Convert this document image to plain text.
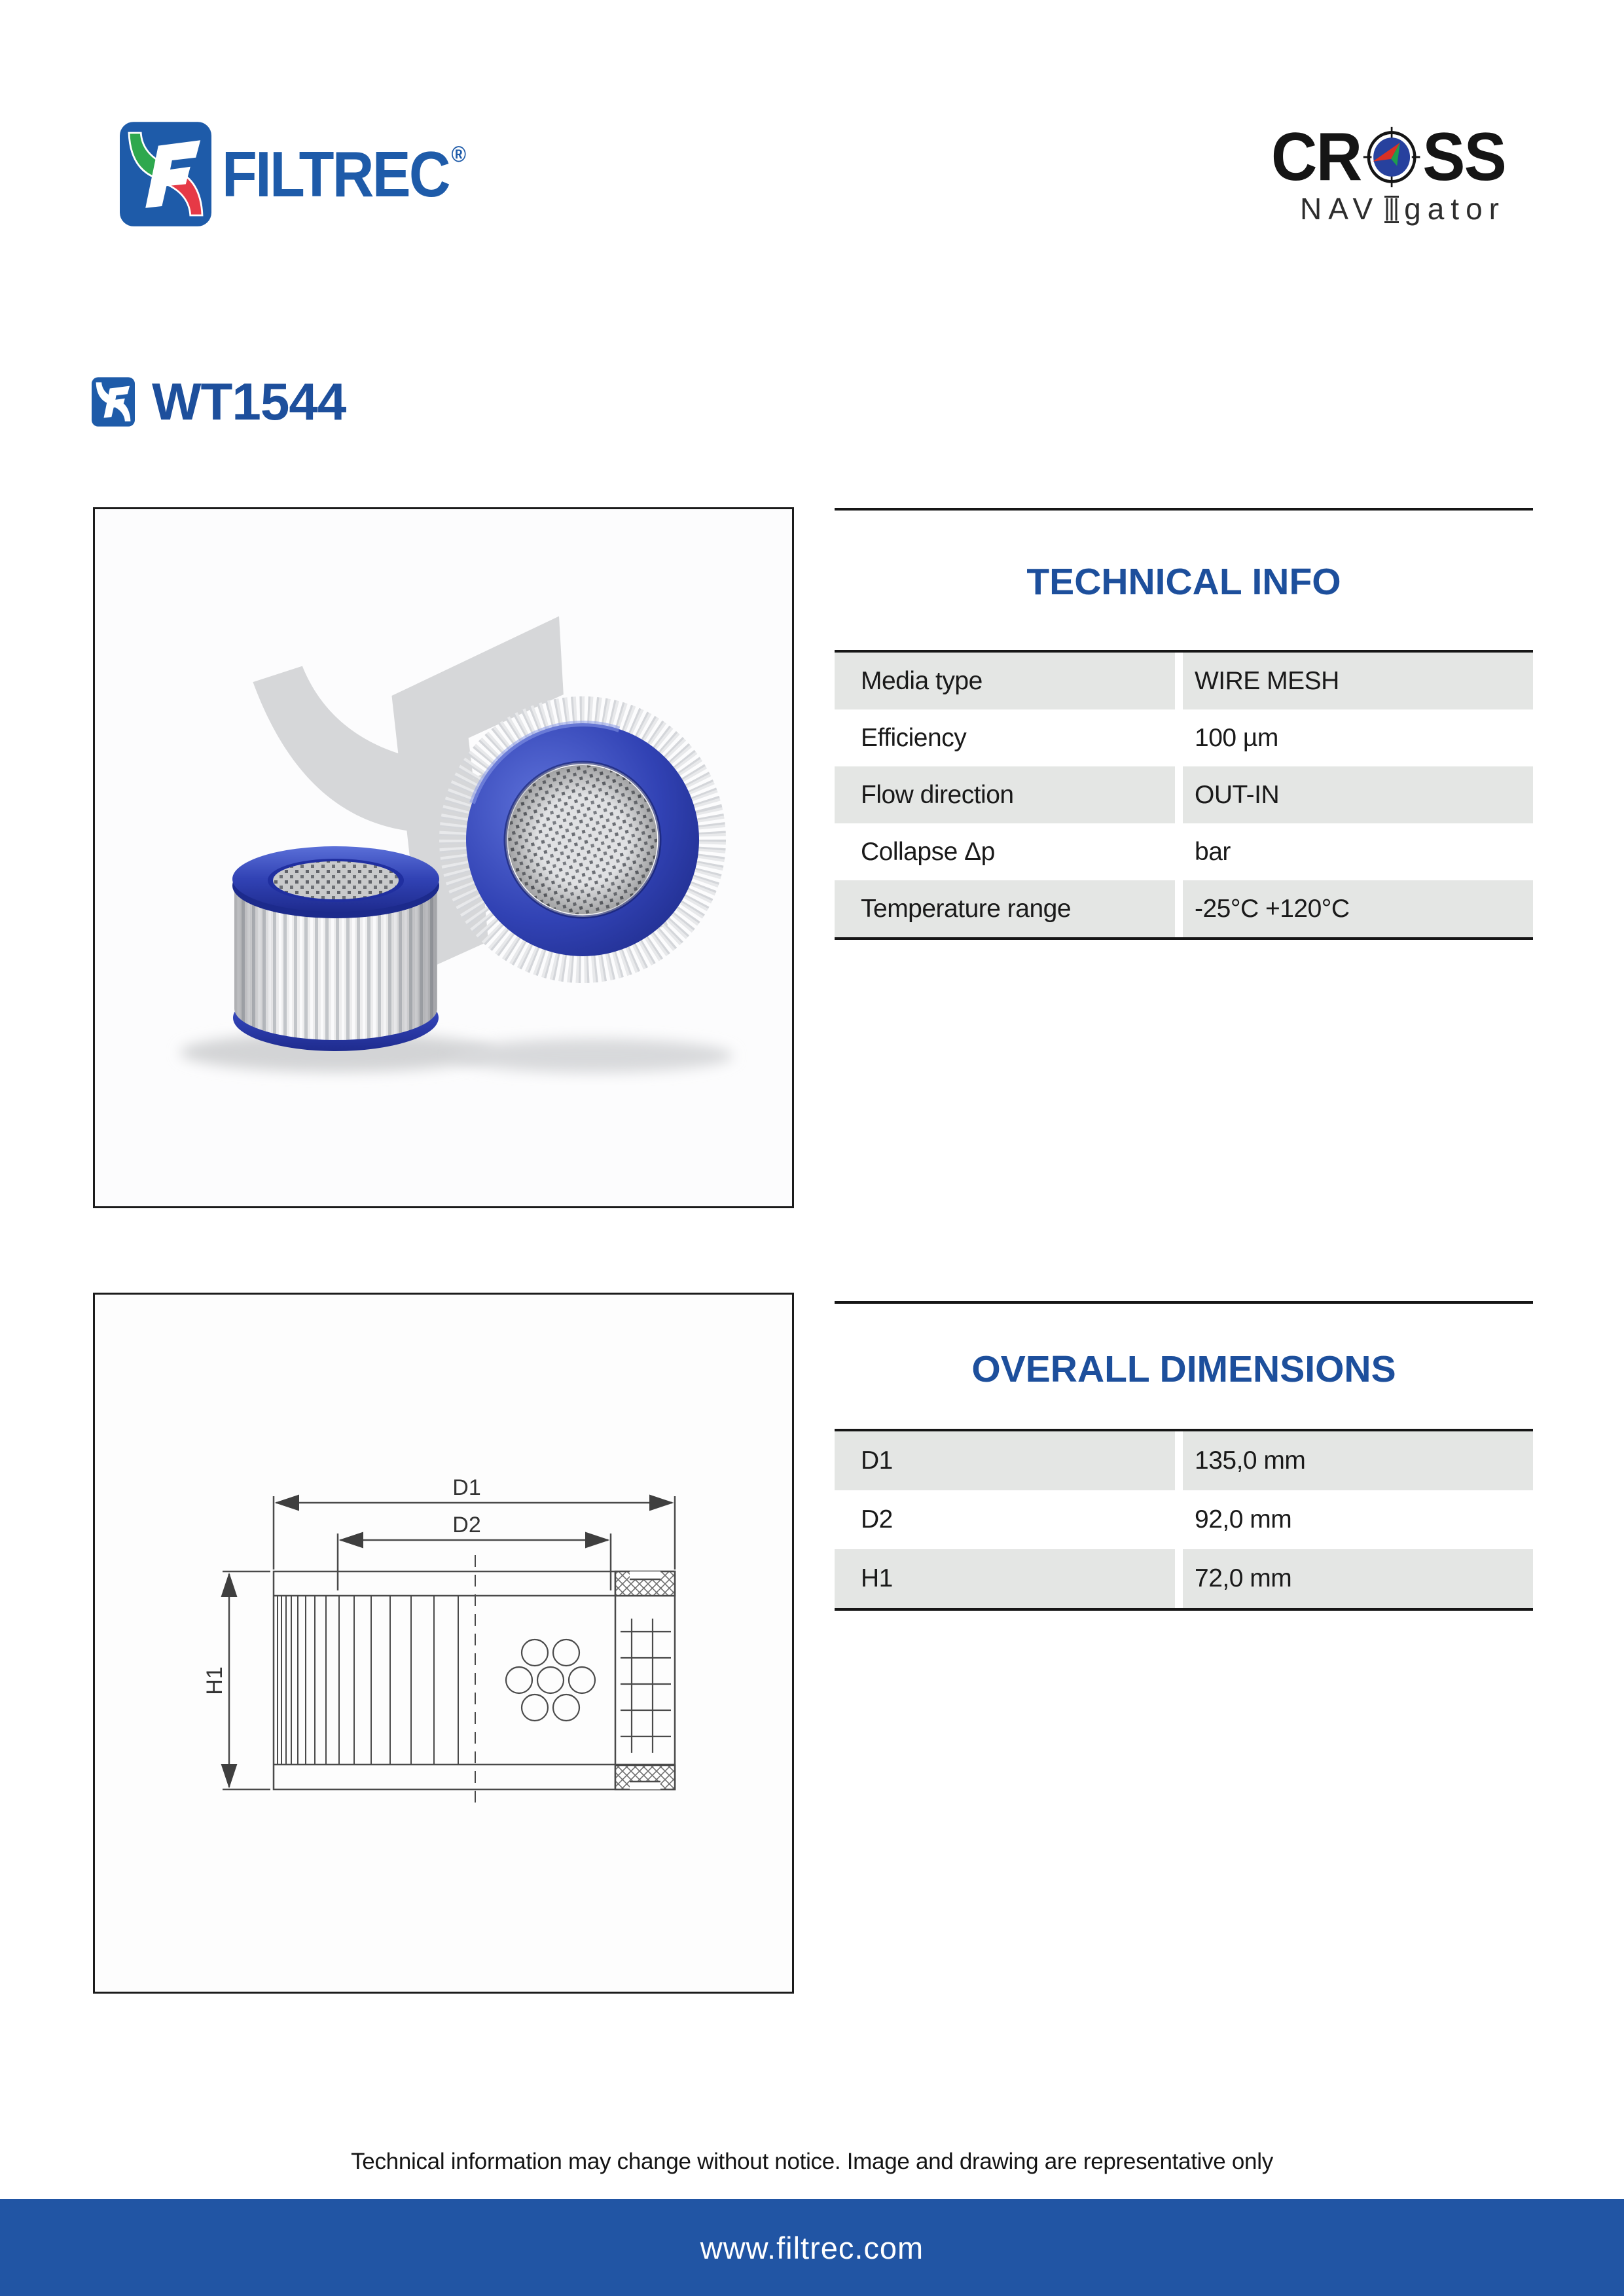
FILTREC®	CR SS
NAV gator
WT1544
TECHNICAL INFO
Media type	WIRE MESH
Efficiency	100 µm
Flow direction	OUT-IN
Collapse Δp	bar
Temperature range	-25°C +120°C
D1
D2
H1
OVERALL DIMENSIONS
D1	135,0 mm
D2	92,0 mm
H1	72,0 mm
Technical information may change without notice. Image and drawing are representative only
www.filtrec.com
